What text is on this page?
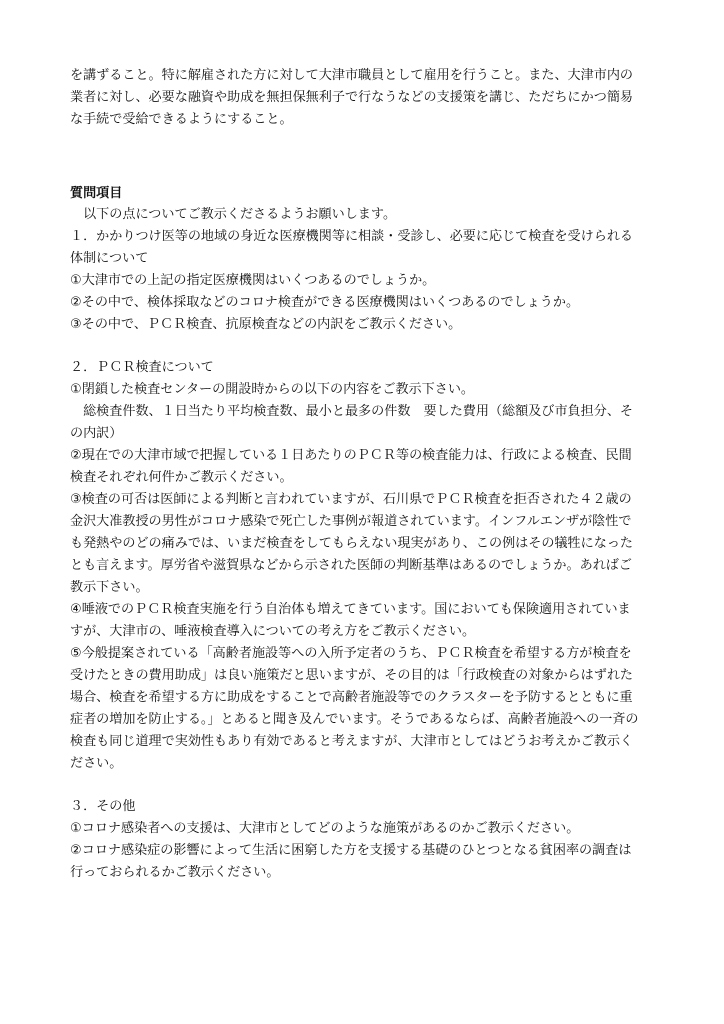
を講ずること。特に解雇された方に対して大津市職員として雇用を行うこと。また、大津市内の
業者に対し、必要な融資や助成を無担保無利子で行なうなどの支援策を講じ、ただちにかつ簡易
な手続で受給できるようにすること。
質問項目
　以下の点についてご教示くださるようお願いします。
１．かかりつけ医等の地域の身近な医療機関等に相談・受診し、必要に応じて検査を受けられる
体制について
①大津市での上記の指定医療機関はいくつあるのでしょうか。
②その中で、検体採取などのコロナ検査ができる医療機関はいくつあるのでしょうか。
③その中で、ＰＣＲ検査、抗原検査などの内訳をご教示ください。
２．ＰＣＲ検査について
①閉鎖した検査センターの開設時からの以下の内容をご教示下さい。
　総検査件数、１日当たり平均検査数、最小と最多の件数　要した費用（総額及び市負担分、そ
の内訳）
②現在での大津市域で把握している１日あたりのＰＣＲ等の検査能力は、行政による検査、民間
検査それぞれ何件かご教示ください。
③検査の可否は医師による判断と言われていますが、石川県でＰＣＲ検査を拒否された４２歳の
金沢大准教授の男性がコロナ感染で死亡した事例が報道されています。インフルエンザが陰性で
も発熱やのどの痛みでは、いまだ検査をしてもらえない現実があり、この例はその犠牲になった
とも言えます。厚労省や滋賀県などから示された医師の判断基準はあるのでしょうか。あればご
教示下さい。
④唾液でのＰＣＲ検査実施を行う自治体も増えてきています。国においても保険適用されていま
すが、大津市の、唾液検査導入についての考え方をご教示ください。
⑤今般提案されている「高齢者施設等への入所予定者のうち、ＰＣＲ検査を希望する方が検査を
受けたときの費用助成」は良い施策だと思いますが、その目的は「行政検査の対象からはずれた
場合、検査を希望する方に助成をすることで高齢者施設等でのクラスターを予防するとともに重
症者の増加を防止する。」とあると聞き及んでいます。そうであるならば、高齢者施設への一斉の
検査も同じ道理で実効性もあり有効であると考えますが、大津市としてはどうお考えかご教示く
ださい。
３．その他
①コロナ感染者への支援は、大津市としてどのような施策があるのかご教示ください。
②コロナ感染症の影響によって生活に困窮した方を支援する基礎のひとつとなる貧困率の調査は
行っておられるかご教示ください。
